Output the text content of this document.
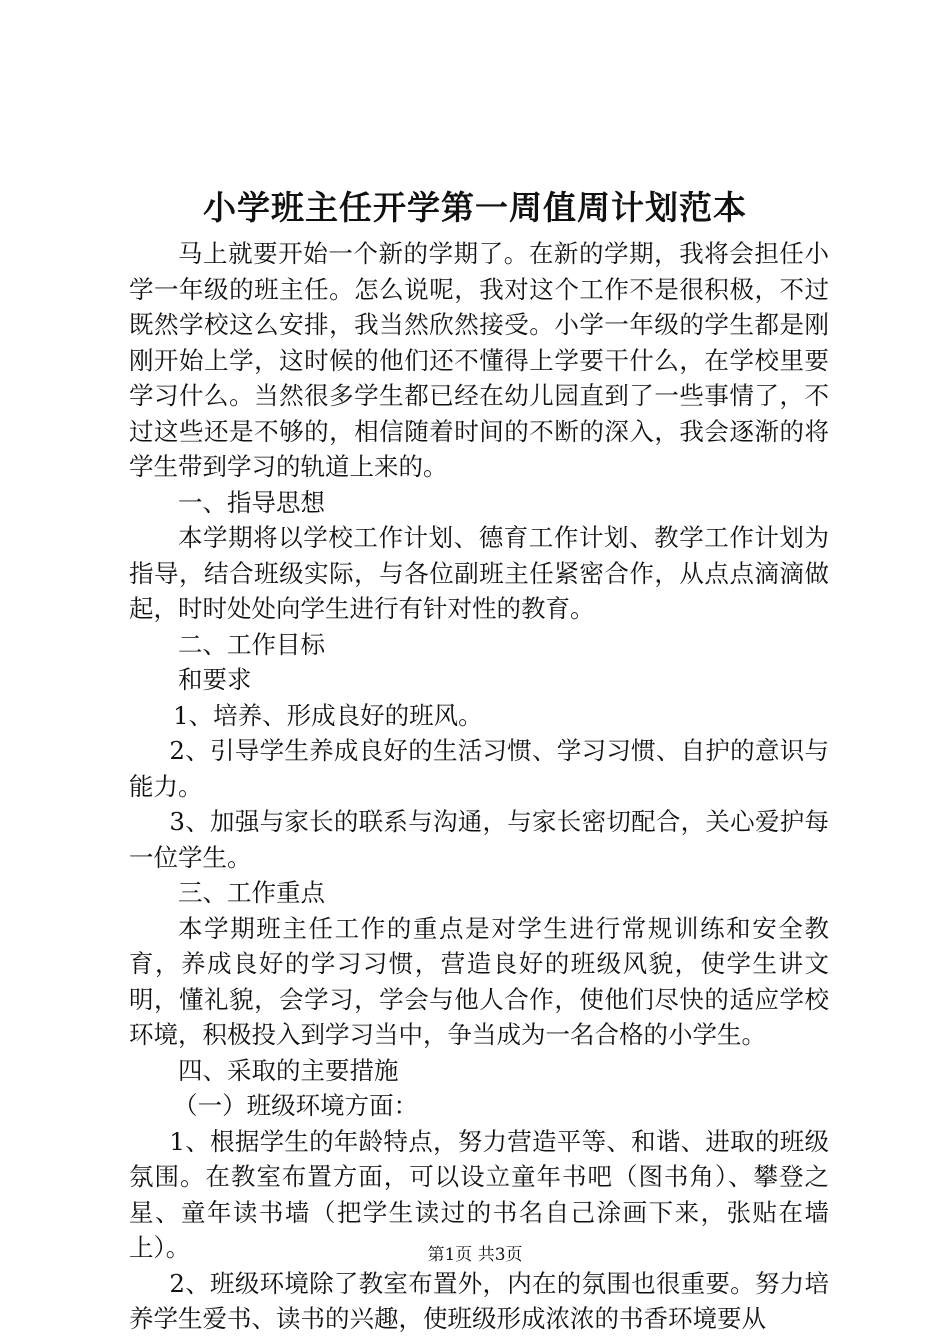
小学班主任开学第一周值周计划范本

马上就要开始一个新的学期了。在新的学期，我将会担任小学一年级的班主任。怎么说呢，我对这个工作不是很积极，不过既然学校这么安排，我当然欣然接受。小学一年级的学生都是刚刚开始上学，这时候的他们还不懂得上学要干什么，在学校里要学习什么。当然很多学生都已经在幼儿园直到了一些事情了，不过这些还是不够的，相信随着时间的不断的深入，我会逐渐的将学生带到学习的轨道上来的。

一、指导思想

本学期将以学校工作计划、德育工作计划、教学工作计划为指导，结合班级实际，与各位副班主任紧密合作，从点点滴滴做起，时时处处向学生进行有针对性的教育。

二、工作目标

和要求

1、培养、形成良好的班风。

2、引导学生养成良好的生活习惯、学习习惯、自护的意识与能力。

3、加强与家长的联系与沟通，与家长密切配合，关心爱护每一位学生。

三、工作重点

本学期班主任工作的重点是对学生进行常规训练和安全教育，养成良好的学习习惯，营造良好的班级风貌，使学生讲文明，懂礼貌，会学习，学会与他人合作，使他们尽快的适应学校环境，积极投入到学习当中，争当成为一名合格的小学生。

四、采取的主要措施

（一）班级环境方面：

1、根据学生的年龄特点，努力营造平等、和谐、进取的班级氛围。在教室布置方面，可以设立童年书吧（图书角）、攀登之星、童年读书墙（把学生读过的书名自己涂画下来，张贴在墙上）。

2、班级环境除了教室布置外，内在的氛围也很重要。努力培养学生爱书、读书的兴趣，使班级形成浓浓的书香环境要从

第1页 共3页
